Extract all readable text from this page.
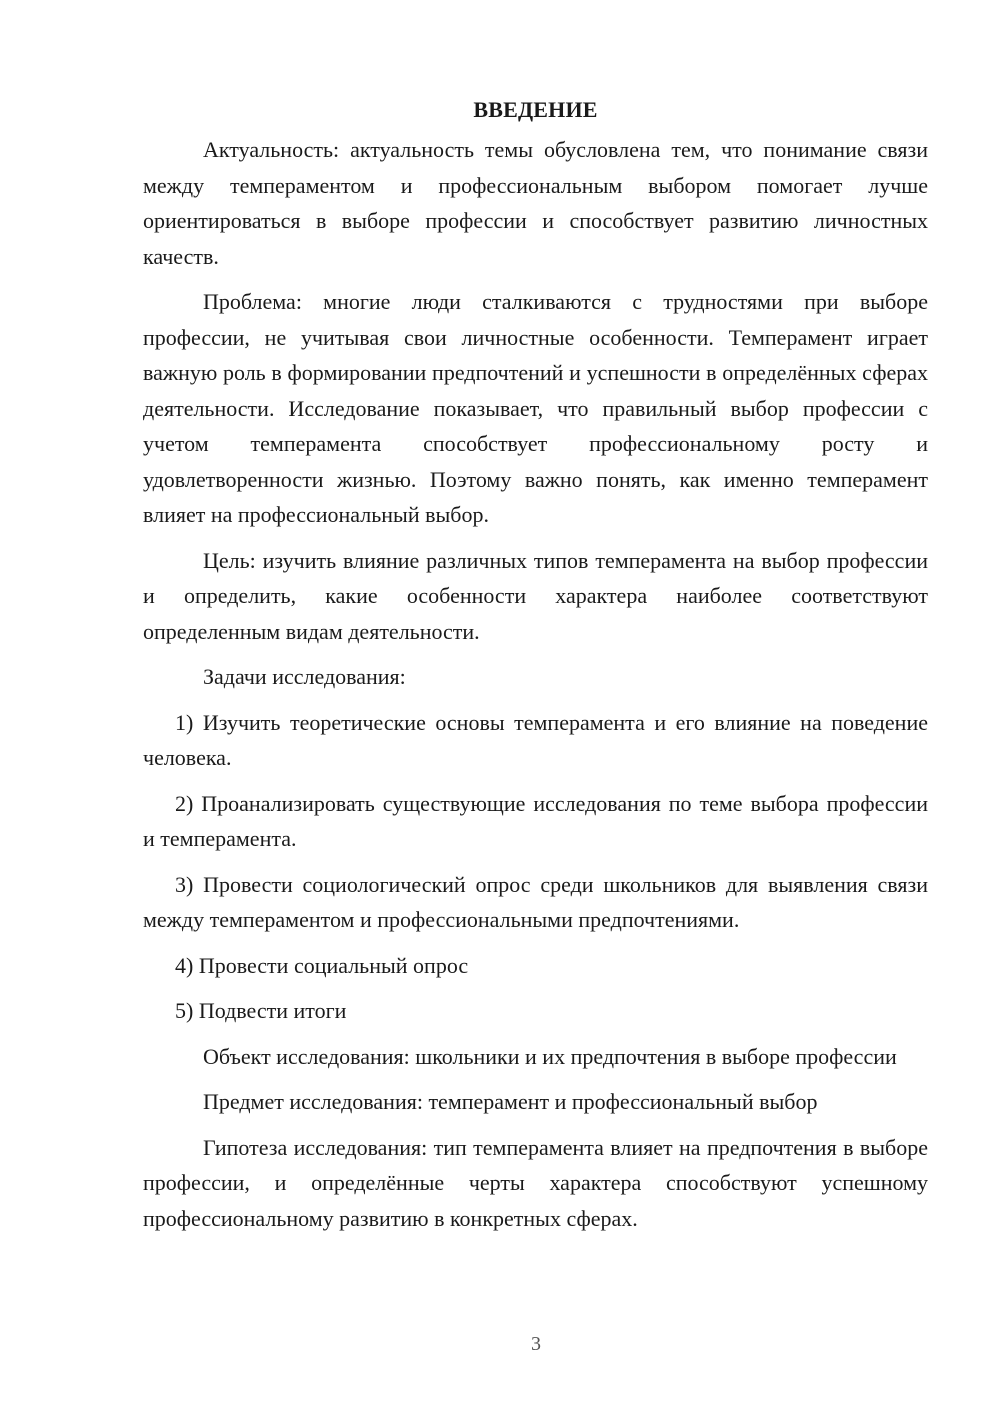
ВВЕДЕНИЕ

Актуальность: актуальность темы обусловлена тем, что понимание связи между темпераментом и профессиональным выбором помогает лучше ориентироваться в выборе профессии и способствует развитию личностных качеств.

Проблема: многие люди сталкиваются с трудностями при выборе профессии, не учитывая свои личностные особенности. Темперамент играет важную роль в формировании предпочтений и успешности в определённых сферах деятельности. Исследование показывает, что правильный выбор профессии с учетом темперамента способствует профессиональному росту и удовлетворенности жизнью. Поэтому важно понять, как именно темперамент влияет на профессиональный выбор.

Цель: изучить влияние различных типов темперамента на выбор профессии и определить, какие особенности характера наиболее соответствуют определенным видам деятельности.

Задачи исследования:

1) Изучить теоретические основы темперамента и его влияние на поведение человека.

2) Проанализировать существующие исследования по теме выбора профессии и темперамента.

3) Провести социологический опрос среди школьников для выявления связи между темпераментом и профессиональными предпочтениями.

4) Провести социальный опрос

5) Подвести итоги

Объект исследования: школьники и их предпочтения в выборе профессии

Предмет исследования: темперамент и профессиональный выбор

Гипотеза исследования: тип темперамента влияет на предпочтения в выборе профессии, и определённые черты характера способствуют успешному профессиональному развитию в конкретных сферах.

3
